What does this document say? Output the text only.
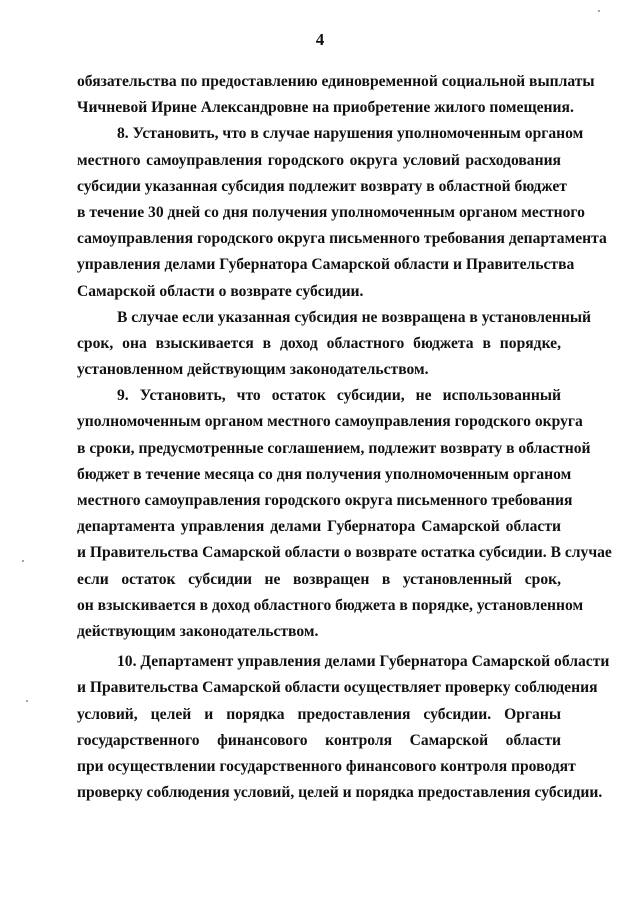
4
обязательства по предоставлению единовременной социальной выплаты
Чичневой Ирине Александровне на приобретение жилого помещения.
8. Установить, что в случае нарушения уполномоченным органом
местного самоуправления городского округа условий расходования
субсидии указанная субсидия подлежит возврату в областной бюджет
в течение 30 дней со дня получения уполномоченным органом местного
самоуправления городского округа письменного требования департамента
управления делами Губернатора Самарской области и Правительства
Самарской области о возврате субсидии.
В случае если указанная субсидия не возвращена в установленный
срок, она взыскивается в доход областного бюджета в порядке,
установленном действующим законодательством.
9. Установить, что остаток субсидии, не использованный
уполномоченным органом местного самоуправления городского округа
в сроки, предусмотренные соглашением, подлежит возврату в областной
бюджет в течение месяца со дня получения уполномоченным органом
местного самоуправления городского округа письменного требования
департамента управления делами Губернатора Самарской области
и Правительства Самарской области о возврате остатка субсидии. В случае
если остаток субсидии не возвращен в установленный срок,
он взыскивается в доход областного бюджета в порядке, установленном
действующим законодательством.
10. Департамент управления делами Губернатора Самарской области
и Правительства Самарской области осуществляет проверку соблюдения
условий, целей и порядка предоставления субсидии. Органы
государственного финансового контроля Самарской области
при осуществлении государственного финансового контроля проводят
проверку соблюдения условий, целей и порядка предоставления субсидии.
